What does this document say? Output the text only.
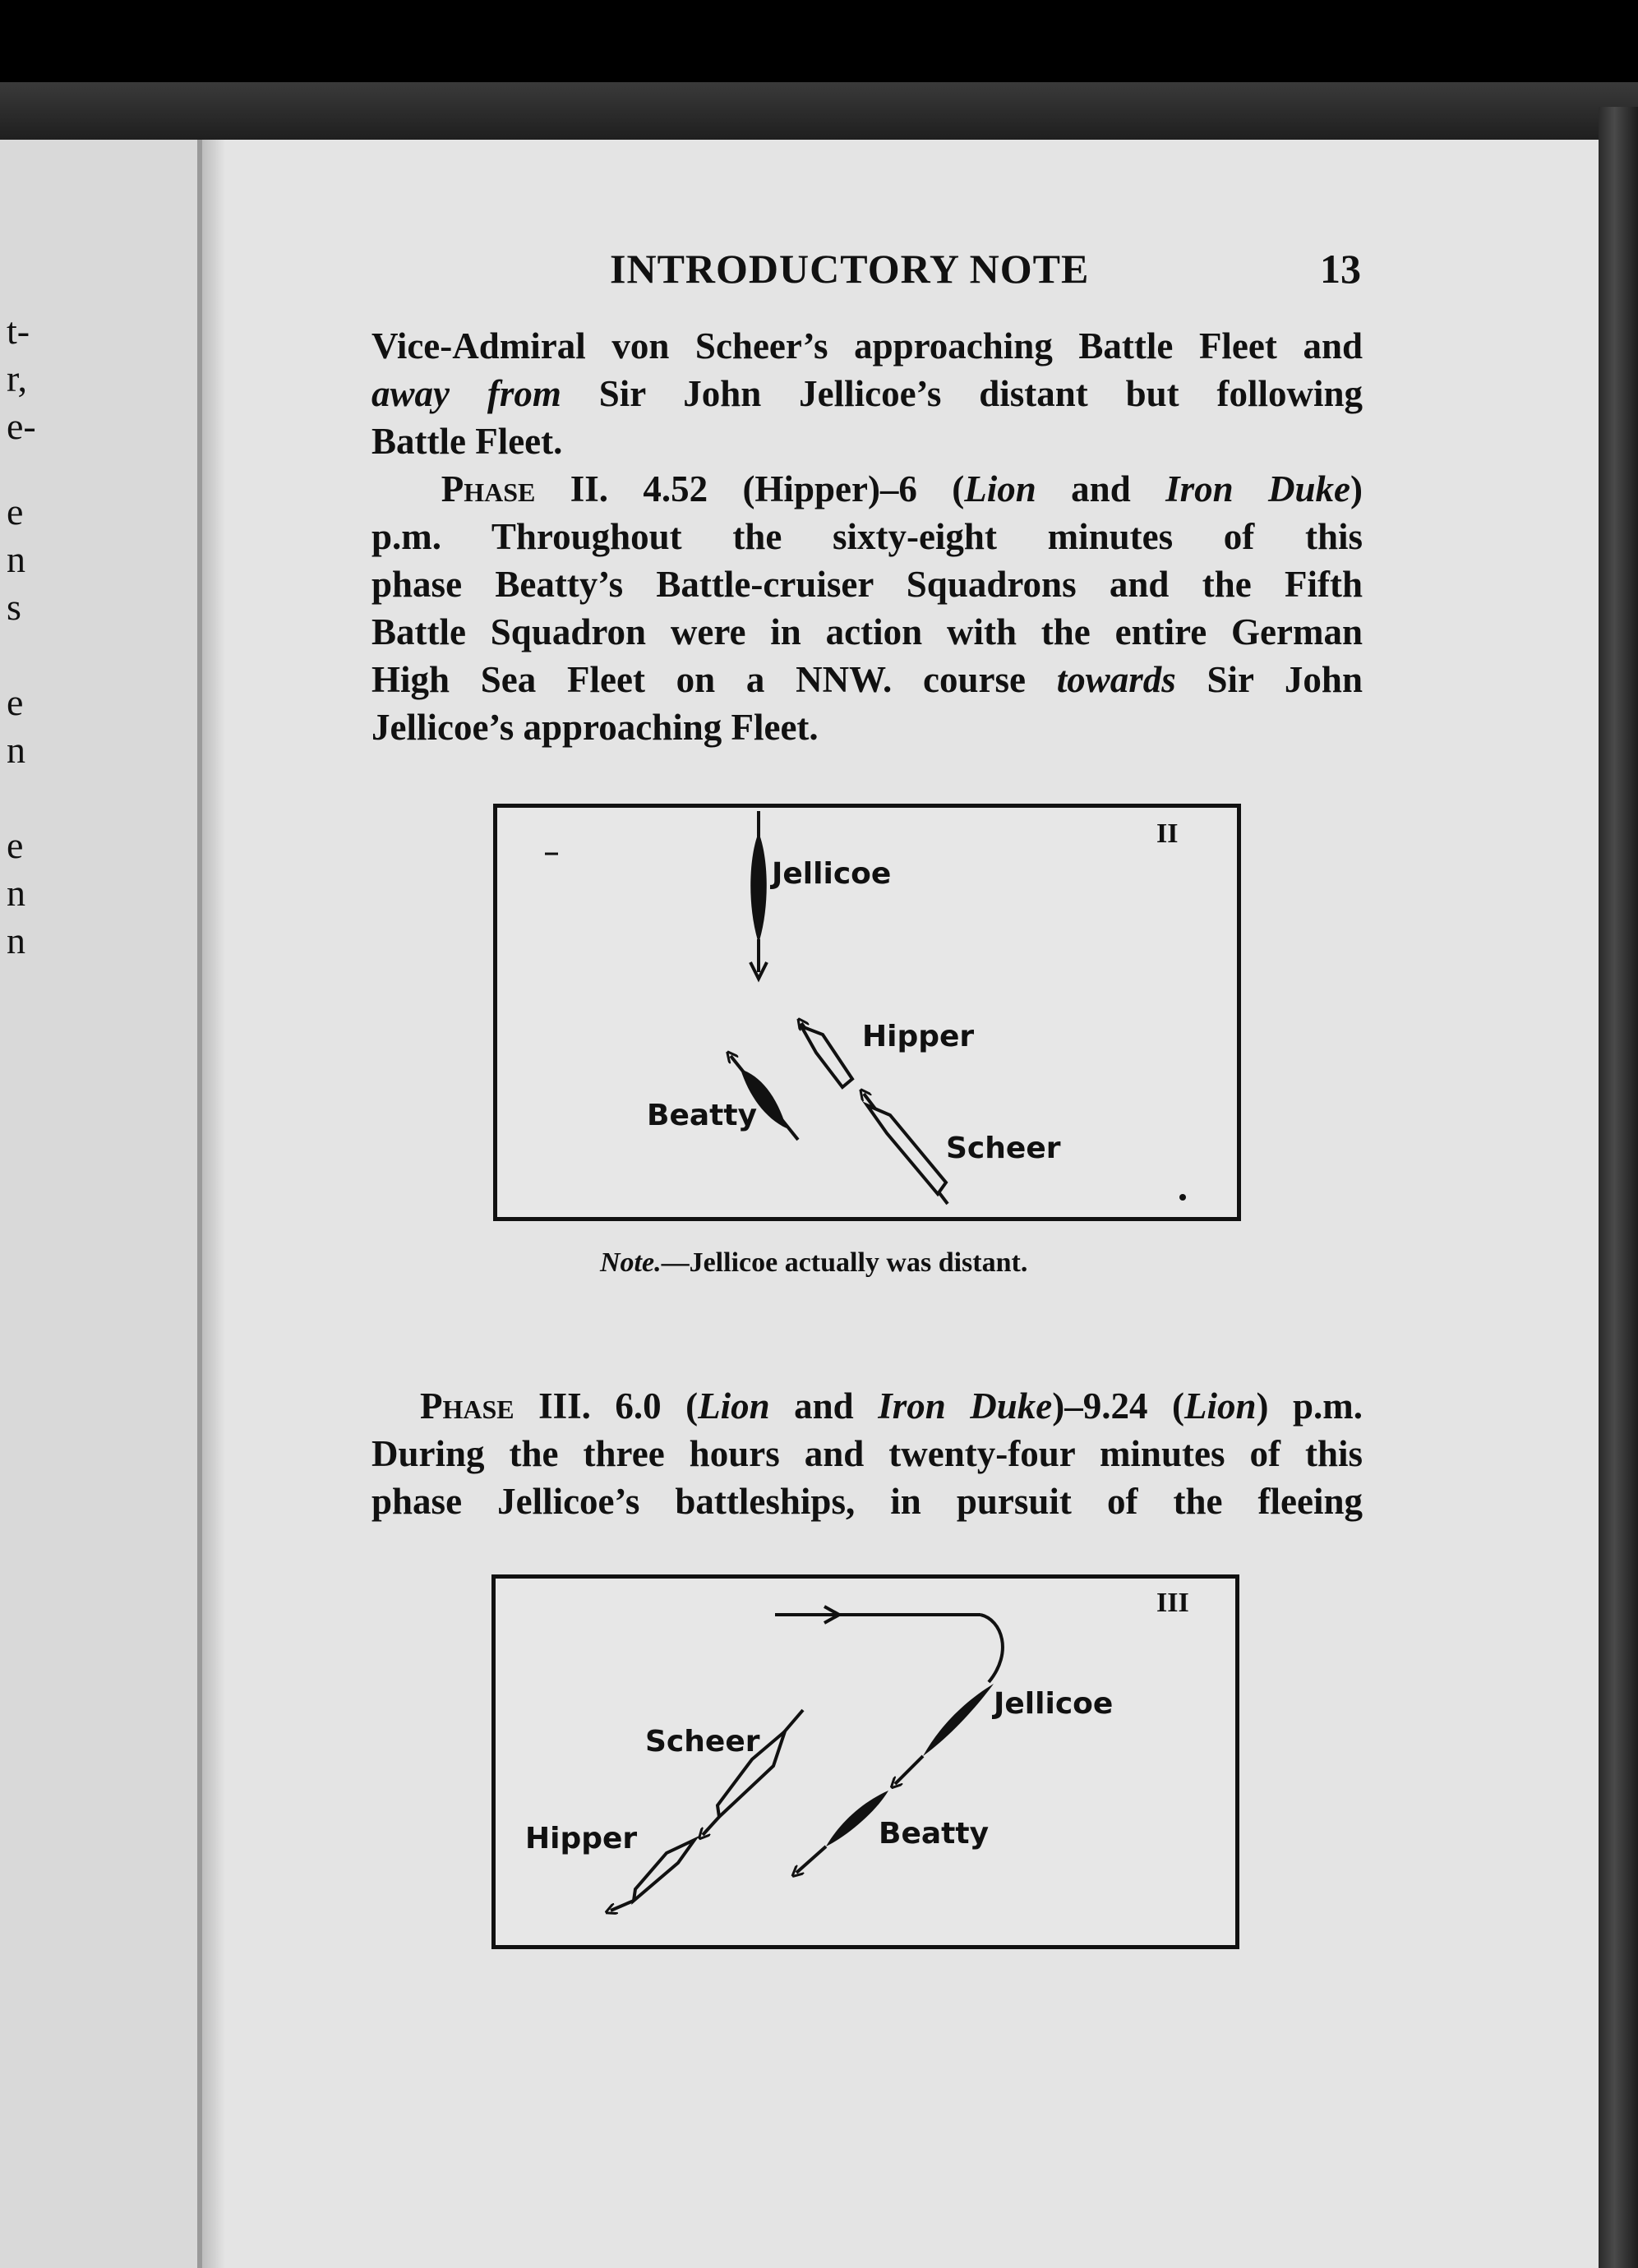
t-
r,
e-
e
n
s
e
n
e
n
n
INTRODUCTORY NOTE	13
Vice-Admiral von Scheer’s approaching Battle Fleet and
away from Sir John Jellicoe’s distant but following
Battle Fleet.
Phase II. 4.52 (Hipper)–6 (Lion and Iron Duke)
p.m. Throughout the sixty-eight minutes of this
phase Beatty’s Battle-cruiser Squadrons and the Fifth
Battle Squadron were in action with the entire German
High Sea Fleet on a NNW. course towards Sir John
Jellicoe’s approaching Fleet.
II
Jellicoe
Hipper
Beatty
Scheer
Note.—Jellicoe actually was distant.
Phase III. 6.0 (Lion and Iron Duke)–9.24 (Lion) p.m.
During the three hours and twenty-four minutes of this
phase Jellicoe’s battleships, in pursuit of the fleeing
III
Jellicoe
Beatty
Scheer
Hipper
